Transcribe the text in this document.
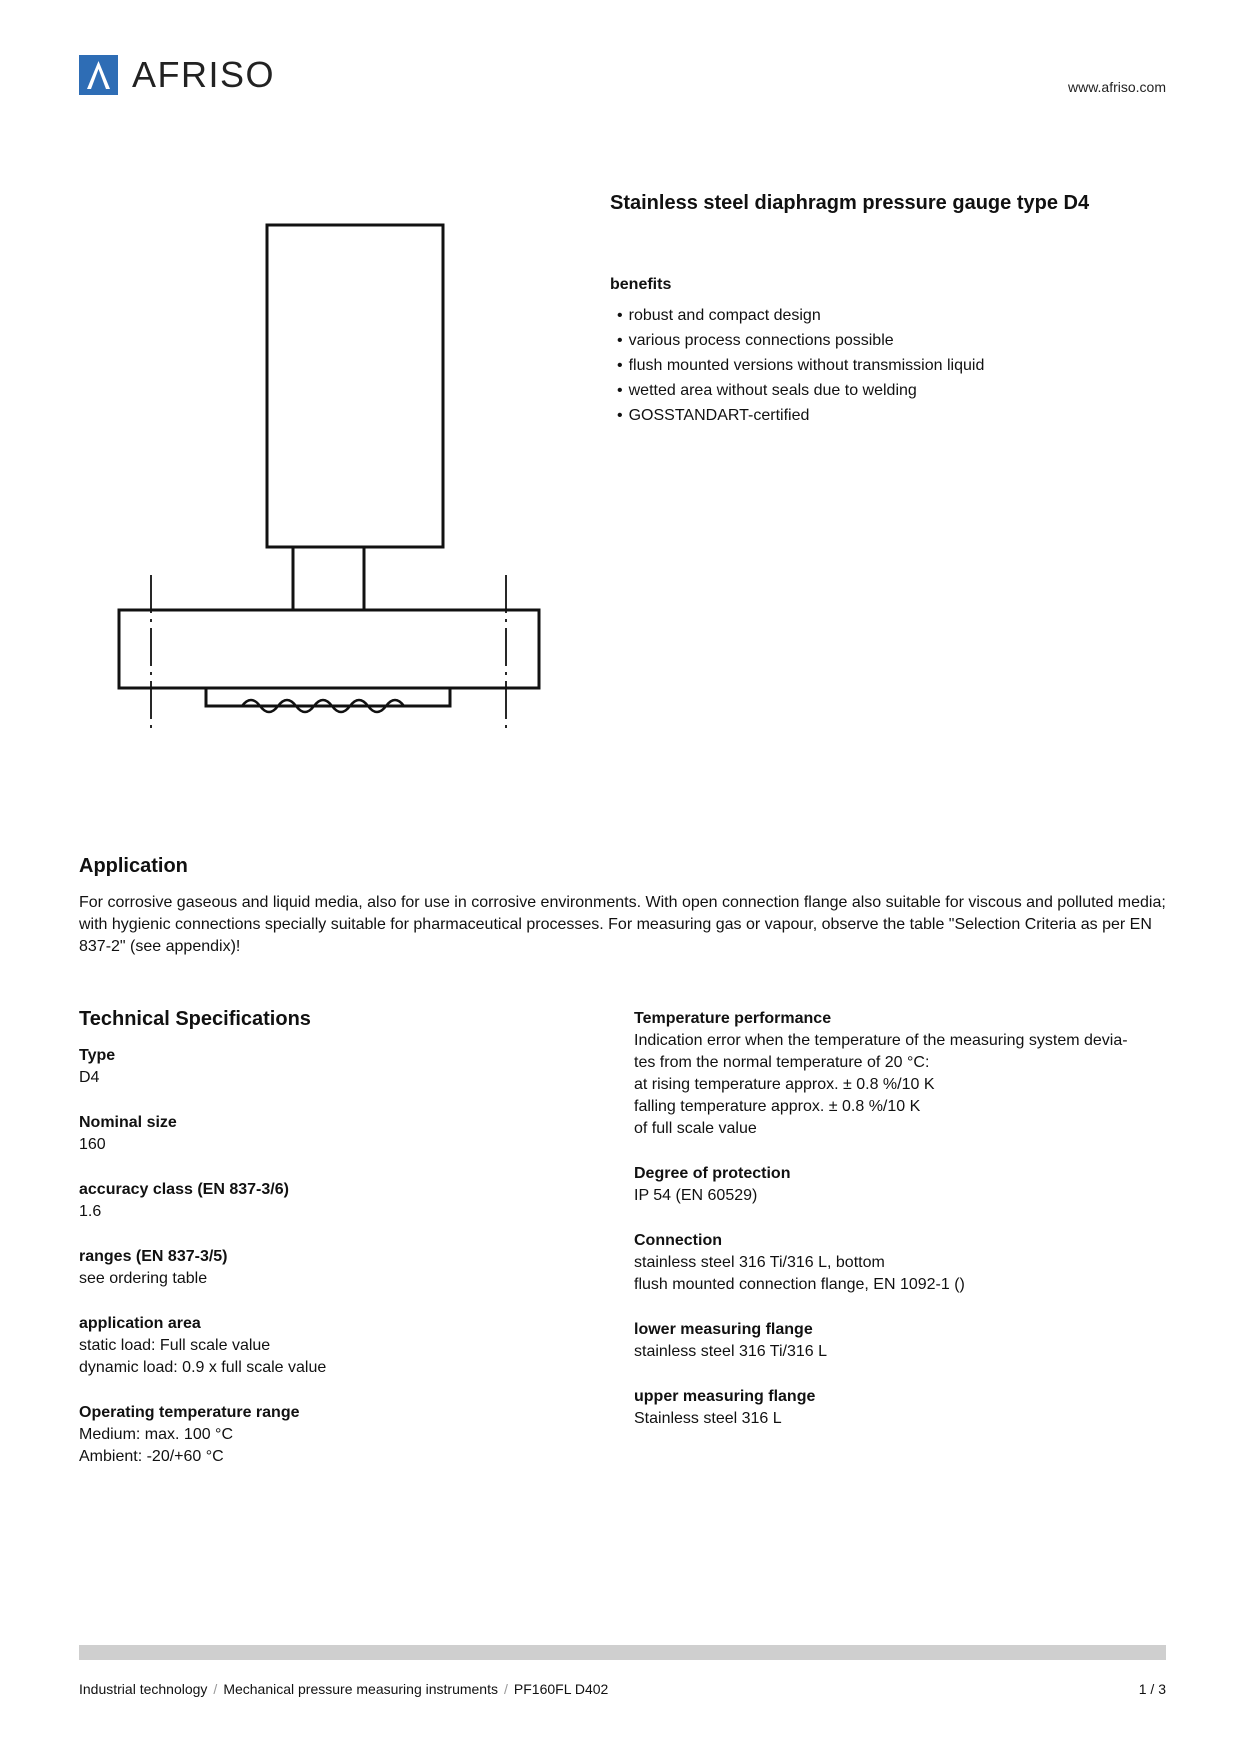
AFRISO	www.afriso.com
Stainless steel diaphragm pressure gauge type D4
benefits
• robust and compact design
• various process connections possible
• flush mounted versions without transmission liquid
• wetted area without seals due to welding
• GOSSTANDART-certified
Application

For corrosive gaseous and liquid media, also for use in corrosive environments. With open connection flange also suitable for viscous and polluted media; with hygienic connections specially suitable for pharmaceutical processes. For measuring gas or vapour, observe the table "Selection Criteria as per EN 837-2" (see appendix)!

Technical Specifications
Type
D4
Nominal size
160
accuracy class (EN 837-3/6)
1.6
ranges (EN 837-3/5)
see ordering table
application area
static load: Full scale value
dynamic load: 0.9 x full scale value
Operating temperature range
Medium: max. 100 °C
Ambient: -20/+60 °C
Temperature performance
Indication error when the temperature of the measuring system devia-
tes from the normal temperature of 20 °C:
at rising temperature approx. ± 0.8 %/10 K
falling temperature approx. ± 0.8 %/10 K
of full scale value
Degree of protection
IP 54 (EN 60529)
Connection
stainless steel 316 Ti/316 L, bottom
flush mounted connection flange, EN 1092-1 ()
lower measuring flange
stainless steel 316 Ti/316 L
upper measuring flange
Stainless steel 316 L
Industrial technology / Mechanical pressure measuring instruments / PF160FL D402	1 / 3
